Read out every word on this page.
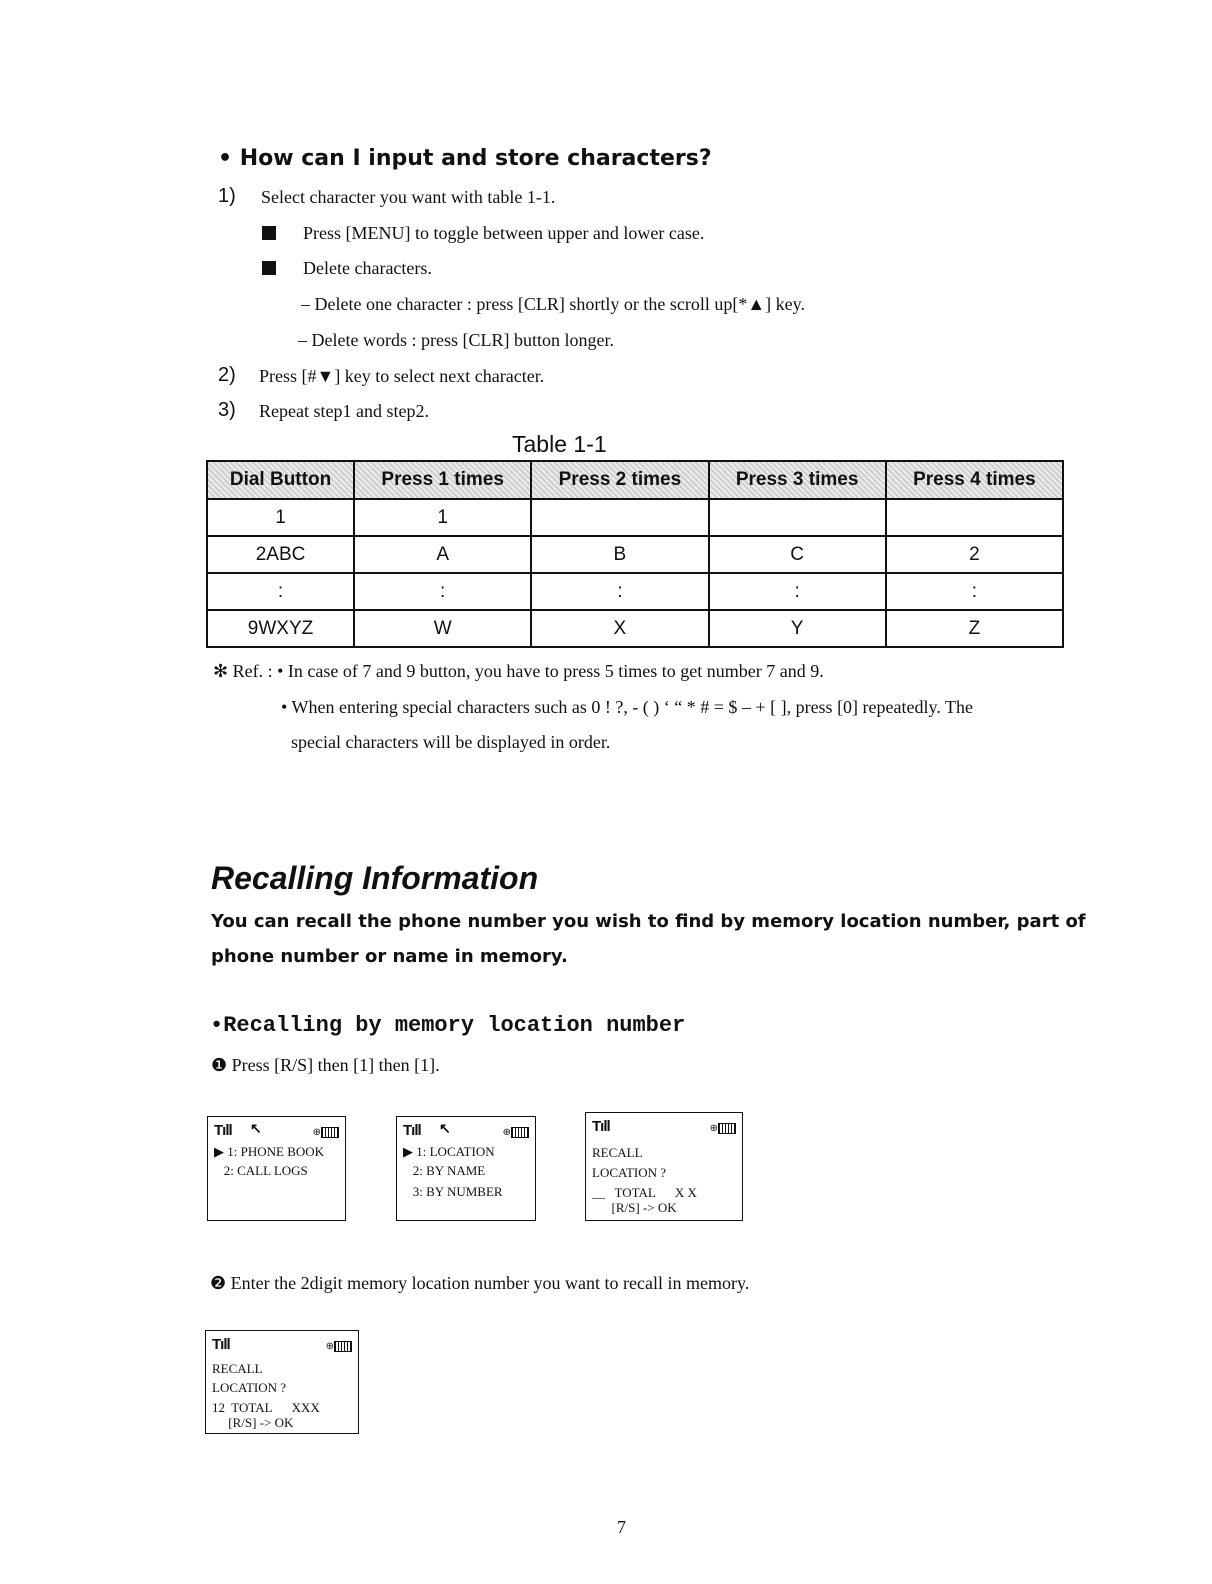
• How can I input and store characters?
1) Select character you want with table 1-1.
Press [MENU] to toggle between upper and lower case.
Delete characters.
– Delete one character : press [CLR] shortly or the scroll up[*▲] key.
– Delete words : press [CLR] button longer.
2) Press [#▼] key to select next character.
3) Repeat step1 and step2.
Table 1-1
Dial Button	Press 1 times	Press 2 times	Press 3 times	Press 4 times
1	1			
2ABC	A	B	C	2
:	:	:	:	:
9WXYZ	W	X	Y	Z
✻ Ref. : • In case of 7 and 9 button, you have to press 5 times to get number 7 and 9.
• When entering special characters such as 0 ! ?, - ( ) ‘ “ * # = $ – + [ ], press [0] repeatedly. The
special characters will be displayed in order.
Recalling Information
You can recall the phone number you wish to find by memory location number, part of
phone number or name in memory.
•Recalling by memory location number
❶ Press [R/S] then [1] then [1].
Tıll ↖	⊕
▶ 1: PHONE BOOK
2: CALL LOGS
Tıll ↖	⊕
▶ 1: LOCATION
2: BY NAME
3: BY NUMBER
Tıll	⊕
RECALL
LOCATION ?
__   TOTAL      X X
[R/S] -> OK
❷ Enter the 2digit memory location number you want to recall in memory.
Tıll	⊕
RECALL
LOCATION ?
12  TOTAL      XXX
[R/S] -> OK
7
